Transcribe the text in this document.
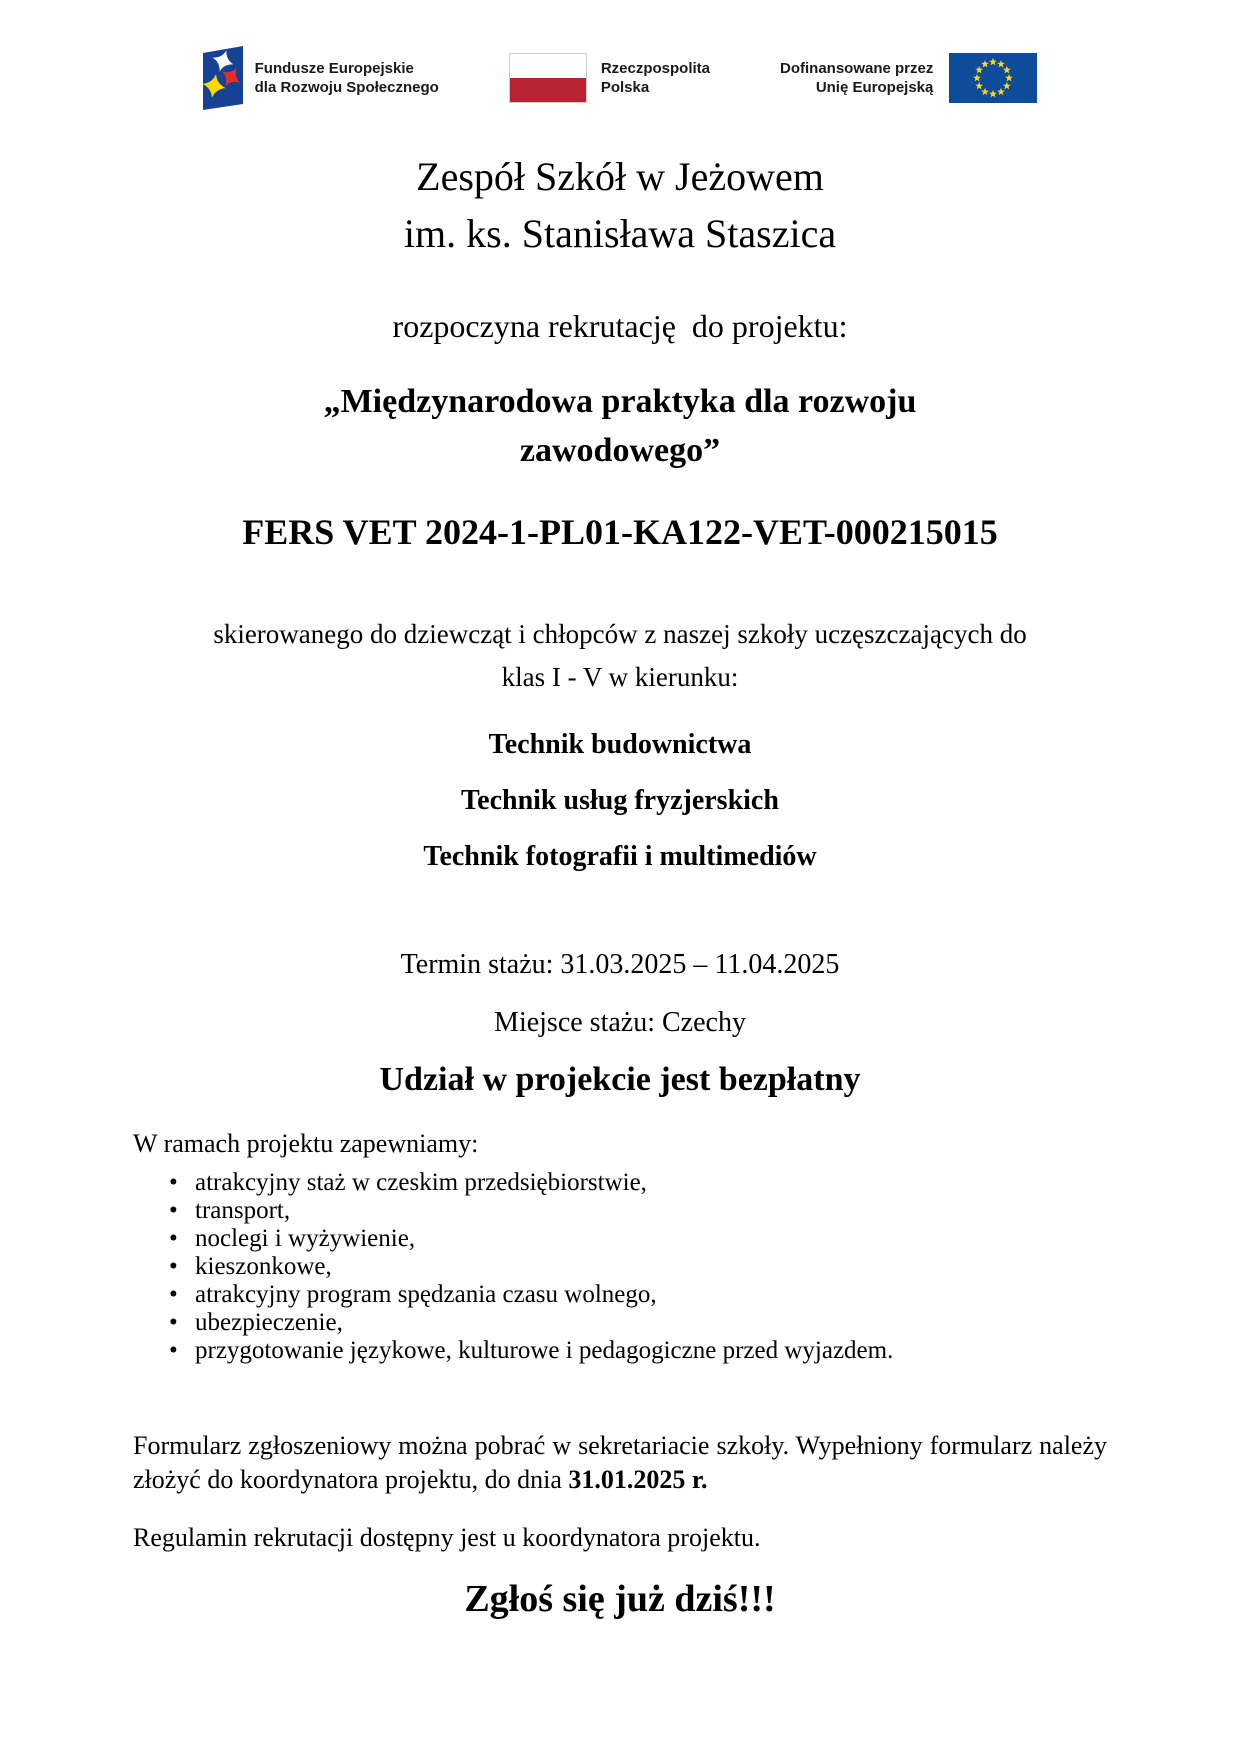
Fundusze Europejskie
dla Rozwoju Społecznego
Rzeczpospolita
Polska
Dofinansowane przez
Unię Europejską
Zespół Szkół w Jeżowem
im. ks. Stanisława Staszica
rozpoczyna rekrutację  do projektu:
„Międzynarodowa praktyka dla rozwoju
zawodowego”
FERS VET 2024-1-PL01-KA122-VET-000215015
skierowanego do dziewcząt i chłopców z naszej szkoły uczęszczających do
klas I - V w kierunku:
Technik budownictwa
Technik usług fryzjerskich
Technik fotografii i multimediów
Termin stażu: 31.03.2025 – 11.04.2025
Miejsce stażu: Czechy
Udział w projekcie jest bezpłatny
W ramach projektu zapewniamy:
• atrakcyjny staż w czeskim przedsiębiorstwie,
• transport,
• noclegi i wyżywienie,
• kieszonkowe,
• atrakcyjny program spędzania czasu wolnego,
• ubezpieczenie,
• przygotowanie językowe, kulturowe i pedagogiczne przed wyjazdem.

Formularz zgłoszeniowy można pobrać w sekretariacie szkoły. Wypełniony formularz należy złożyć do koordynatora projektu, do dnia 31.01.2025 r.

Regulamin rekrutacji dostępny jest u koordynatora projektu.
Zgłoś się już dziś!!!
